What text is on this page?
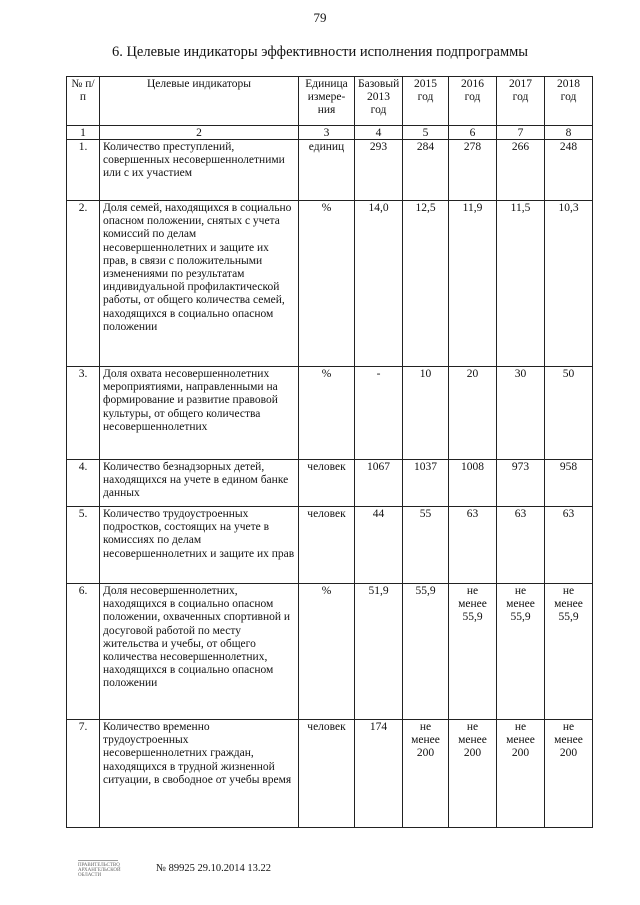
79
6. Целевые индикаторы эффективности исполнения подпрограммы
№ п/п	Целевые индикаторы	Единица измере-ния	Базовый 2013 год	2015 год	2016 год	2017 год	2018 год
1	2	3	4	5	6	7	8
1.	Количество преступлений, совершенных несовершеннолетними или с их участием	единиц	293	284	278	266	248
2.	Доля семей, находящихся в социально опасном положении, снятых с учета комиссий по делам несовершеннолетних и защите их прав, в связи с положительными изменениями по результатам индивидуальной профилактической работы, от общего количества семей, находящихся в социально опасном положении	%	14,0	12,5	11,9	11,5	10,3
3.	Доля охвата несовершеннолетних мероприятиями, направленными на формирование и развитие правовой культуры, от общего количества несовершеннолетних	%	-	10	20	30	50
4.	Количество безнадзорных детей, находящихся на учете в едином банке данных	человек	1067	1037	1008	973	958
5.	Количество трудоустроенных подростков, состоящих на учете в комиссиях по делам несовершеннолетних и защите их прав	человек	44	55	63	63	63
6.	Доля несовершеннолетних, находящихся в социально опасном положении, охваченных спортивной и досуговой работой по месту жительства и учебы, от общего количества несовершеннолетних, находящихся в социально опасном положении	%	51,9	55,9	не менее 55,9	не менее 55,9	не менее 55,9
7.	Количество временно трудоустроенных несовершеннолетних граждан, находящихся в трудной жизненной ситуации, в свободное от учебы время	человек	174	не менее 200	не менее 200	не менее 200	не менее 200
ПРАВИТЕЛЬСТВО
АРХАНГЕЛЬСКОЙ
ОБЛАСТИ
№ 89925 29.10.2014 13.22
